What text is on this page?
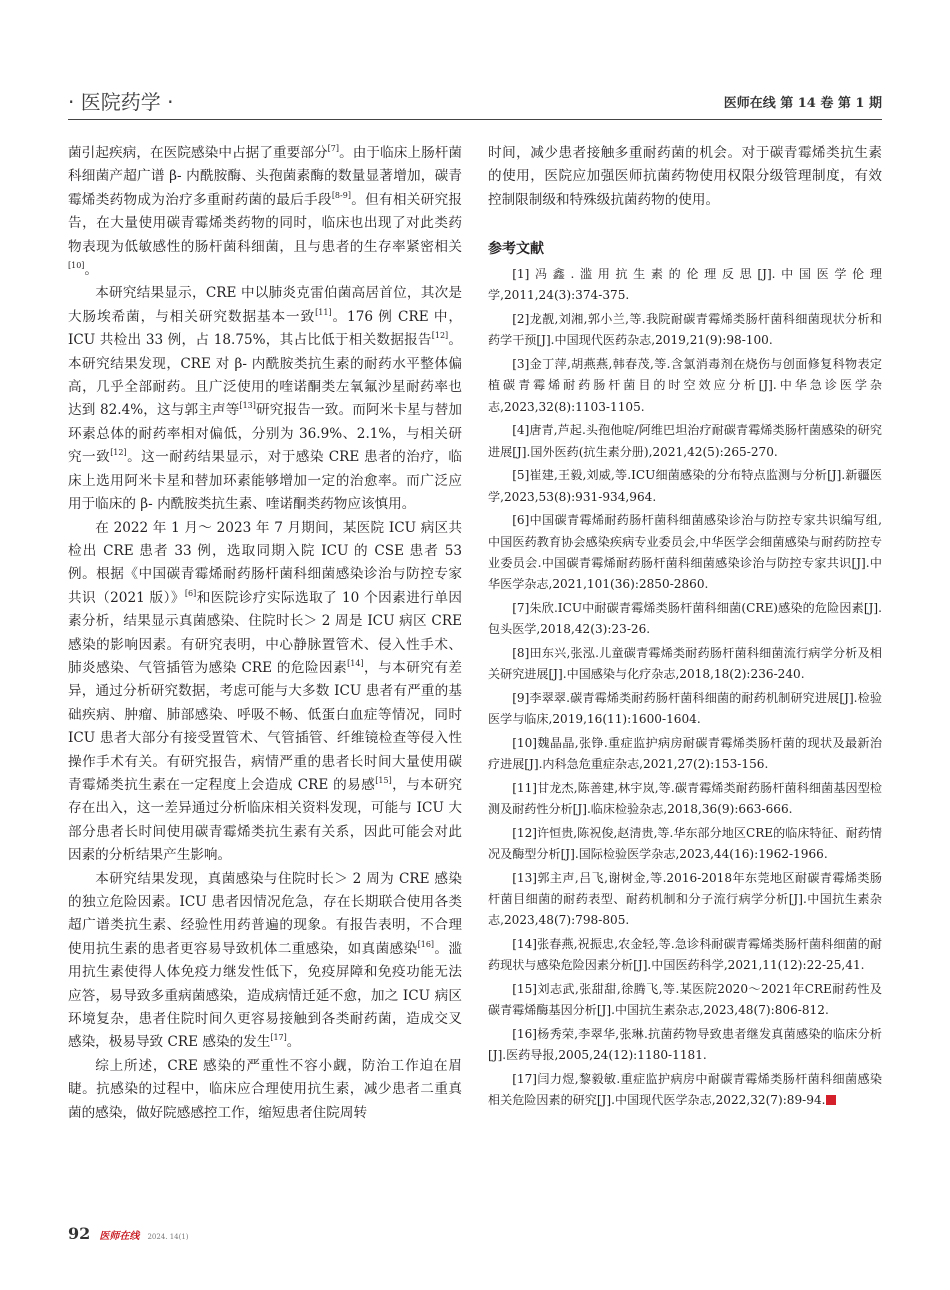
· 医院药学 ·	医师在线 第 14 卷 第 1 期

菌引起疾病，在医院感染中占据了重要部分[7]。由于临床上肠杆菌科细菌产超广谱 β- 内酰胺酶、头孢菌素酶的数量显著增加，碳青霉烯类药物成为治疗多重耐药菌的最后手段[8-9]。但有相关研究报告，在大量使用碳青霉烯类药物的同时，临床也出现了对此类药物表现为低敏感性的肠杆菌科细菌，且与患者的生存率紧密相关[10]。

本研究结果显示，CRE 中以肺炎克雷伯菌高居首位，其次是大肠埃希菌，与相关研究数据基本一致[11]。176 例 CRE 中，ICU 共检出 33 例，占 18.75%，其占比低于相关数据报告[12]。本研究结果发现，CRE 对 β- 内酰胺类抗生素的耐药水平整体偏高，几乎全部耐药。且广泛使用的喹诺酮类左氧氟沙星耐药率也达到 82.4%，这与郭主声等[13]研究报告一致。而阿米卡星与替加环素总体的耐药率相对偏低，分别为 36.9%、2.1%，与相关研究一致[12]。这一耐药结果显示，对于感染 CRE 患者的治疗，临床上选用阿米卡星和替加环素能够增加一定的治愈率。而广泛应用于临床的 β- 内酰胺类抗生素、喹诺酮类药物应该慎用。

在 2022 年 1 月～ 2023 年 7 月期间，某医院 ICU 病区共检出 CRE 患者 33 例，选取同期入院 ICU 的 CSE 患者 53 例。根据《中国碳青霉烯耐药肠杆菌科细菌感染诊治与防控专家共识（2021 版）》[6]和医院诊疗实际选取了 10 个因素进行单因素分析，结果显示真菌感染、住院时长＞ 2 周是 ICU 病区 CRE 感染的影响因素。有研究表明，中心静脉置管术、侵入性手术、肺炎感染、气管插管为感染 CRE 的危险因素[14]，与本研究有差异，通过分析研究数据，考虑可能与大多数 ICU 患者有严重的基础疾病、肿瘤、肺部感染、呼吸不畅、低蛋白血症等情况，同时 ICU 患者大部分有接受置管术、气管插管、纤维镜检查等侵入性操作手术有关。有研究报告，病情严重的患者长时间大量使用碳青霉烯类抗生素在一定程度上会造成 CRE 的易感[15]，与本研究存在出入，这一差异通过分析临床相关资料发现，可能与 ICU 大部分患者长时间使用碳青霉烯类抗生素有关系，因此可能会对此因素的分析结果产生影响。

本研究结果发现，真菌感染与住院时长＞ 2 周为 CRE 感染的独立危险因素。ICU 患者因情况危急，存在长期联合使用各类超广谱类抗生素、经验性用药普遍的现象。有报告表明，不合理使用抗生素的患者更容易导致机体二重感染，如真菌感染[16]。滥用抗生素使得人体免疫力继发性低下，免疫屏障和免疫功能无法应答，易导致多重病菌感染，造成病情迁延不愈，加之 ICU 病区环境复杂，患者住院时间久更容易接触到各类耐药菌，造成交叉感染，极易导致 CRE 感染的发生[17]。

综上所述，CRE 感染的严重性不容小觑，防治工作迫在眉睫。抗感染的过程中，临床应合理使用抗生素，减少患者二重真菌的感染，做好院感感控工作，缩短患者住院周转

时间，减少患者接触多重耐药菌的机会。对于碳青霉烯类抗生素的使用，医院应加强医师抗菌药物使用权限分级管理制度，有效控制限制级和特殊级抗菌药物的使用。

参考文献
[1]冯鑫.滥用抗生素的伦理反思[J].中国医学伦理学,2011,24(3):374-375.
[2]龙靓,刘湘,郭小兰,等.我院耐碳青霉烯类肠杆菌科细菌现状分析和药学干预[J].中国现代医药杂志,2019,21(9):98-100.
[3]金丁萍,胡燕燕,韩春茂,等.含氯消毒剂在烧伤与创面修复科物表定植碳青霉烯耐药肠杆菌目的时空效应分析[J].中华急诊医学杂志,2023,32(8):1103-1105.
[4]唐青,芦起.头孢他啶/阿维巴坦治疗耐碳青霉烯类肠杆菌感染的研究进展[J].国外医药(抗生素分册),2021,42(5):265-270.
[5]崔建,王毅,刘威,等.ICU细菌感染的分布特点监测与分析[J].新疆医学,2023,53(8):931-934,964.
[6]中国碳青霉烯耐药肠杆菌科细菌感染诊治与防控专家共识编写组,中国医药教育协会感染疾病专业委员会,中华医学会细菌感染与耐药防控专业委员会.中国碳青霉烯耐药肠杆菌科细菌感染诊治与防控专家共识[J].中华医学杂志,2021,101(36):2850-2860.
[7]朱欣.ICU中耐碳青霉烯类肠杆菌科细菌(CRE)感染的危险因素[J].包头医学,2018,42(3):23-26.
[8]田东兴,张泓.儿童碳青霉烯类耐药肠杆菌科细菌流行病学分析及相关研究进展[J].中国感染与化疗杂志,2018,18(2):236-240.
[9]李翠翠.碳青霉烯类耐药肠杆菌科细菌的耐药机制研究进展[J].检验医学与临床,2019,16(11):1600-1604.
[10]魏晶晶,张铮.重症监护病房耐碳青霉烯类肠杆菌的现状及最新治疗进展[J].内科急危重症杂志,2021,27(2):153-156.
[11]甘龙杰,陈善建,林宇岚,等.碳青霉烯类耐药肠杆菌科细菌基因型检测及耐药性分析[J].临床检验杂志,2018,36(9):663-666.
[12]许恒贵,陈祝俊,赵清贵,等.华东部分地区CRE的临床特征、耐药情况及酶型分析[J].国际检验医学杂志,2023,44(16):1962-1966.
[13]郭主声,吕飞,谢树金,等.2016-2018年东莞地区耐碳青霉烯类肠杆菌目细菌的耐药表型、耐药机制和分子流行病学分析[J].中国抗生素杂志,2023,48(7):798-805.
[14]张春燕,祝振忠,农金轻,等.急诊科耐碳青霉烯类肠杆菌科细菌的耐药现状与感染危险因素分析[J].中国医药科学,2021,11(12):22-25,41.
[15]刘志武,张甜甜,徐腾飞,等.某医院2020～2021年CRE耐药性及碳青霉烯酶基因分析[J].中国抗生素杂志,2023,48(7):806-812.
[16]杨秀荣,李翠华,张琳.抗菌药物导致患者继发真菌感染的临床分析[J].医药导报,2005,24(12):1180-1181.
[17]闫力煜,黎毅敏.重症监护病房中耐碳青霉烯类肠杆菌科细菌感染相关危险因素的研究[J].中国现代医学杂志,2022,32(7):89-94.
92 医师在线 2024. 14(1)
